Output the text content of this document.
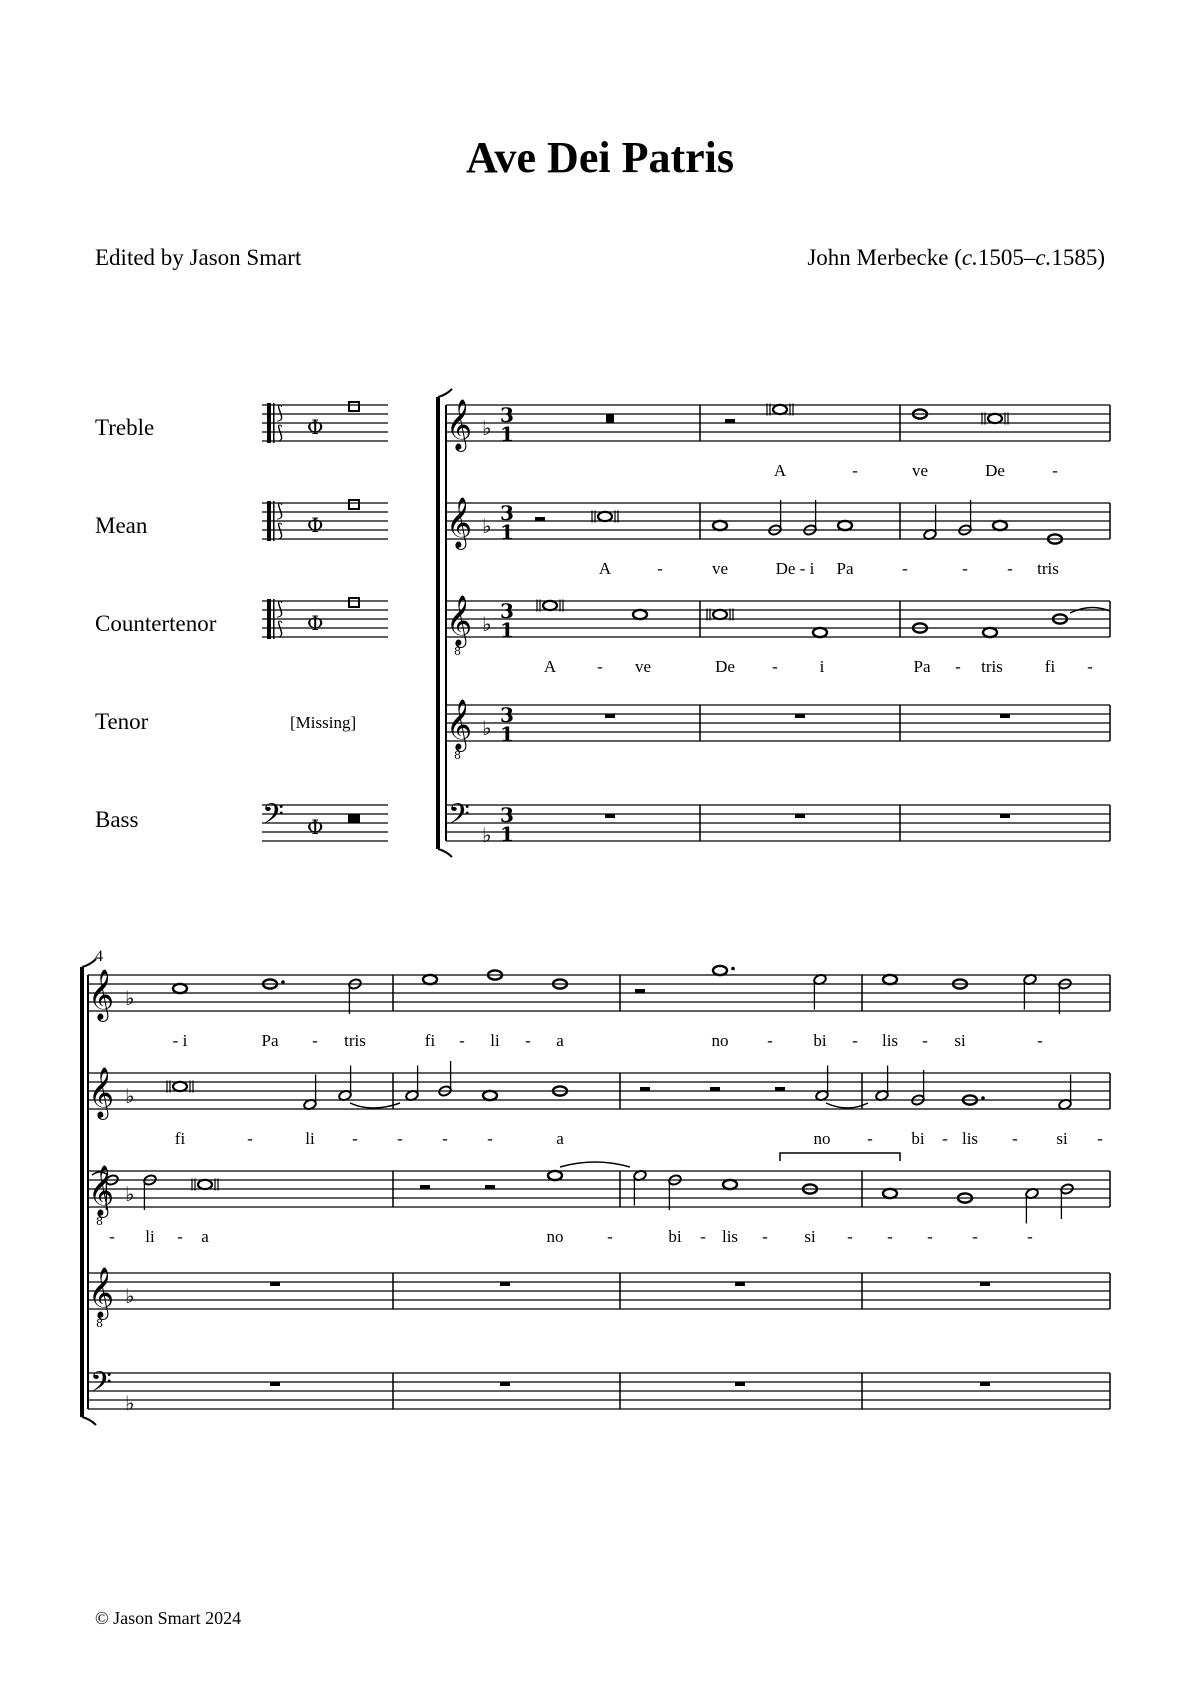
Ave Dei Patris
Edited by Jason Smart	John Merbecke (c.1505–c.1585)
Treble
Mean
Countertenor
Tenor
Bass
[Missing]
4
© Jason Smart 2024
⟆
⟆ Φ
⟆
⟆ Φ
⟆
⟆ Φ
𝄢 Φ
𝄞 ♭
3
1
𝄞 ♭
3
1
𝄞
8
♭
3
1
𝄞
8
♭
3
1
𝄢 ♭
3
1
𝄞 ♭
𝄞 ♭
𝄞
8
♭
𝄞
8
♭
𝄢 ♭
A	-	ve	De	-
A	-	ve	De - i Pa	-	- - tris
A - ve	De - i	Pa - tris fi -
- i	Pa - tris	fi - li - a	no - bi - lis - si	-
fi	-	li - - - -	a	no - bi - lis - si -
- li - a	no	-	bi - lis - si - - - -	-
